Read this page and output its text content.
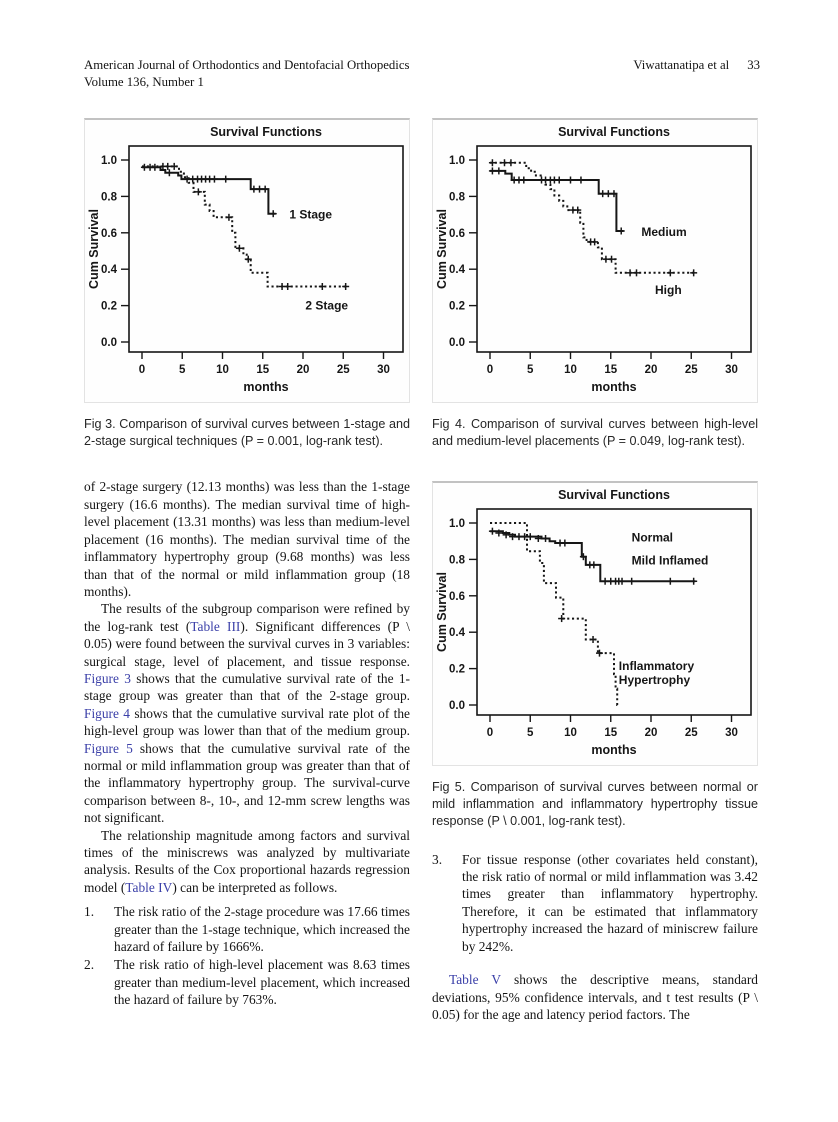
American Journal of Orthodontics and Dentofacial Orthopedics
Volume 136, Number 1
Viwattanatipa et al 33
Survival Functions
0.0
0.2
0.4
0.6
0.8
1.0
0	5	10 15 20 25 30
months
Cum Survival	1 Stage
2 Stage
Fig 3. Comparison of survival curves between 1-stage and 2-stage surgical techniques (P = 0.001, log-rank test).
of 2-stage surgery (12.13 months) was less than the 1-stage surgery (16.6 months). The median survival time of high-level placement (13.31 months) was less than medium-level placement (16 months). The median survival time of the inflammatory hypertrophy group (9.68 months) was less than that of the normal or mild inflammation group (18 months).
The results of the subgroup comparison were refined by the log-rank test (Table III). Significant differences (P \ 0.05) were found between the survival curves in 3 variables: surgical stage, level of placement, and tissue response. Figure 3 shows that the cumulative survival rate of the 1-stage group was greater than that of the 2-stage group. Figure 4 shows that the cumulative survival rate plot of the high-level group was lower than that of the medium group. Figure 5 shows that the cumulative survival rate of the normal or mild inflammation group was greater than that of the inflammatory hypertrophy group. The survival-curve comparison between 8-, 10-, and 12-mm screw lengths was not significant.
The relationship magnitude among factors and survival times of the miniscrews was analyzed by multivariate analysis. Results of the Cox proportional hazards regression model (Table IV) can be interpreted as follows.
1.	The risk ratio of the 2-stage procedure was 17.66 times greater than the 1-stage technique, which increased the hazard of failure by 1666%.
2.	The risk ratio of high-level placement was 8.63 times greater than medium-level placement, which increased the hazard of failure by 763%.
Survival Functions
0.0
0.2
0.4
0.6
0.8
1.0
0	5	10 15 20 25 30
months
Cum Survival	Medium
High
Fig 4. Comparison of survival curves between high-level and medium-level placements (P = 0.049, log-rank test).
Survival Functions
0.0
0.2
0.4
0.6
0.8
1.0
0	5	10 15 20 25 30
months
Cum Survival
Normal
Mild Inflamed
Inflammatory
Hypertrophy
Fig 5. Comparison of survival curves between normal or mild inflammation and inflammatory hypertrophy tissue response (P \ 0.001, log-rank test).
3.	For tissue response (other covariates held constant), the risk ratio of normal or mild inflammation was 3.42 times greater than inflammatory hypertrophy. Therefore, it can be estimated that inflammatory hypertrophy increased the hazard of miniscrew failure by 242%.
Table V shows the descriptive means, standard deviations, 95% confidence intervals, and t test results (P \ 0.05) for the age and latency period factors. The
